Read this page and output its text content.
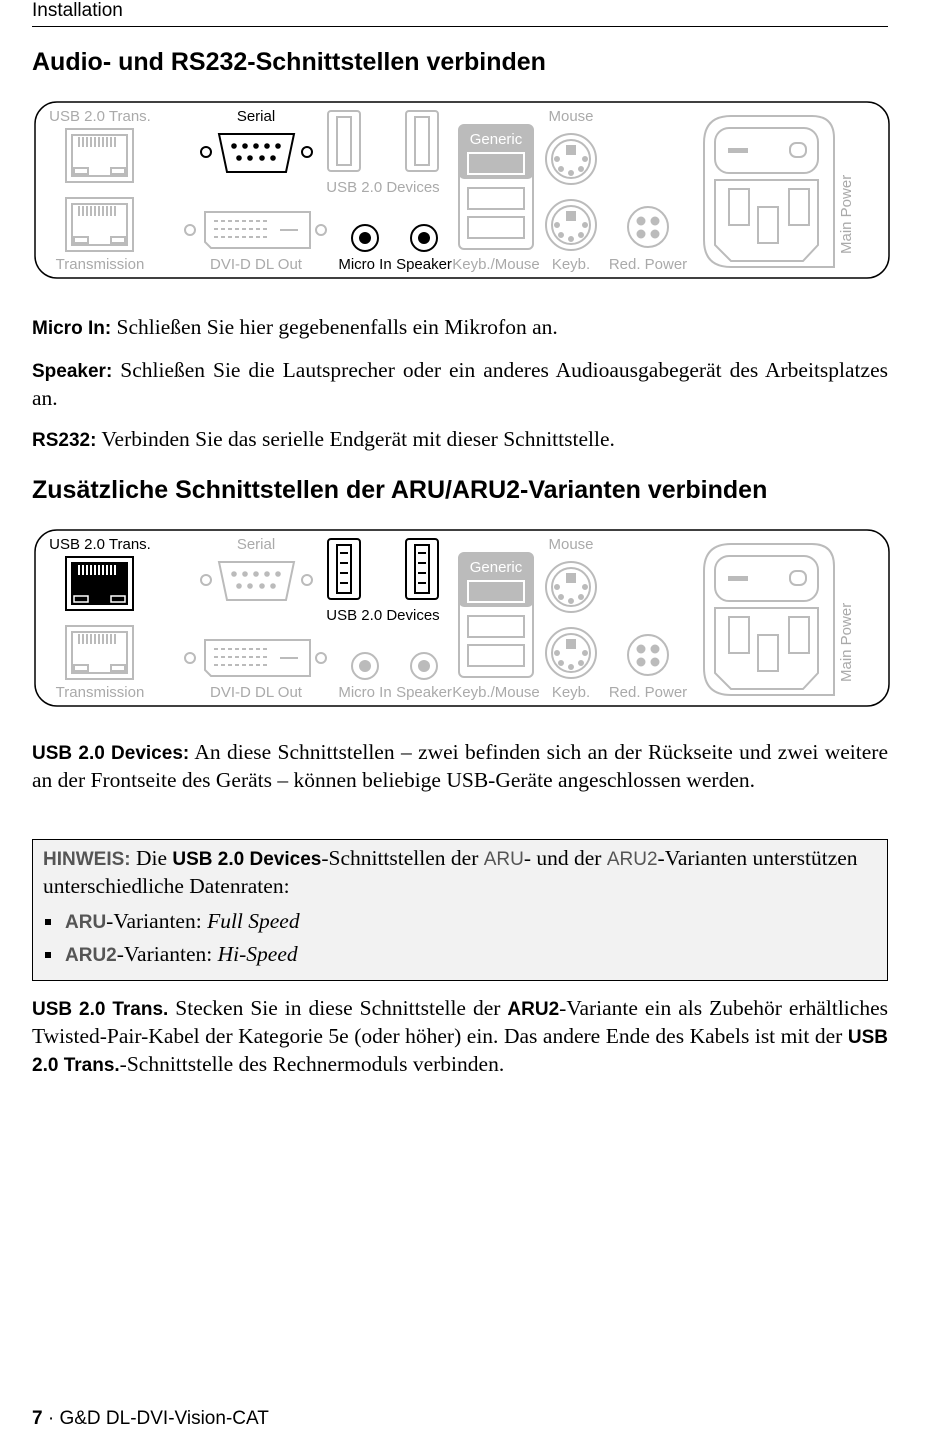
Installation
Audio- und RS232-Schnittstellen verbinden
USB 2.0 Trans.
Transmission
Serial
DVI-D DL Out
USB 2.0 Devices
Micro In Speaker
Generic
Keyb./Mouse
Mouse
Keyb. Red. Power
Main Power
Micro In: Schließen Sie hier gegebenenfalls ein Mikrofon an.
Speaker: Schließen Sie die Lautsprecher oder ein anderes Audioausgabegerät des Arbeitsplatzes an.
RS232: Verbinden Sie das serielle Endgerät mit dieser Schnittstelle.
Zusätzliche Schnittstellen der ARU/ARU2-Varianten verbinden
USB 2.0 Trans.
Transmission
Serial
DVI-D DL Out
USB 2.0 Devices
Micro In Speaker
Generic
Keyb./Mouse
Mouse
Keyb. Red. Power
Main Power
USB 2.0 Devices: An diese Schnittstellen – zwei befinden sich an der Rückseite und zwei weitere an der Frontseite des Geräts – können beliebige USB-Geräte angeschlossen werden.
HINWEIS: Die USB 2.0 Devices-Schnittstellen der ARU- und der ARU2-Varianten unterstützen unterschiedliche Datenraten:
ARU-Varianten: Full Speed
ARU2-Varianten: Hi-Speed
USB 2.0 Trans. Stecken Sie in diese Schnittstelle der ARU2-Variante ein als Zubehör erhältliches Twisted-Pair-Kabel der Kategorie 5e (oder höher) ein. Das andere Ende des Kabels ist mit der USB 2.0 Trans.-Schnittstelle des Rechnermoduls verbinden.
7 · G&D DL-DVI-Vision-CAT
